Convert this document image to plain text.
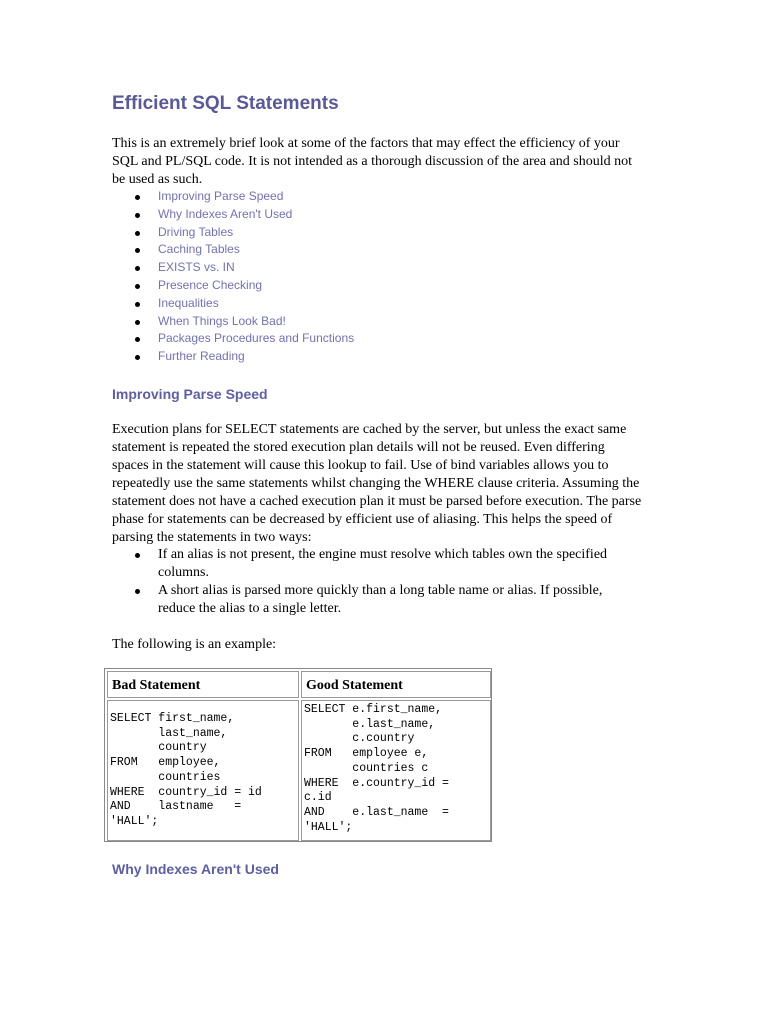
Efficient SQL Statements

This is an extremely brief look at some of the factors that may effect the efficiency of your SQL and PL/SQL code. It is not intended as a thorough discussion of the area and should not be used as such.

Improving Parse Speed
Why Indexes Aren't Used
Driving Tables
Caching Tables
EXISTS vs. IN
Presence Checking
Inequalities
When Things Look Bad!
Packages Procedures and Functions
Further Reading
Improving Parse Speed

Execution plans for SELECT statements are cached by the server, but unless the exact same statement is repeated the stored execution plan details will not be reused. Even differing spaces in the statement will cause this lookup to fail. Use of bind variables allows you to repeatedly use the same statements whilst changing the WHERE clause criteria. Assuming the statement does not have a cached execution plan it must be parsed before execution. The parse phase for statements can be decreased by efficient use of aliasing. This helps the speed of parsing the statements in two ways:

If an alias is not present, the engine must resolve which tables own the specified columns.
A short alias is parsed more quickly than a long table name or alias. If possible, reduce the alias to a single letter.

The following is an example:

Why Indexes Aren't Used
Bad Statement	Good Statement
SELECT first_name,
last_name,
country
FROM   employee,
countries
WHERE  country_id = id
AND    lastname   =
'HALL';
SELECT e.first_name,
e.last_name,
c.country
FROM   employee e,
countries c
WHERE  e.country_id =
c.id
AND    e.last_name  =
'HALL';
